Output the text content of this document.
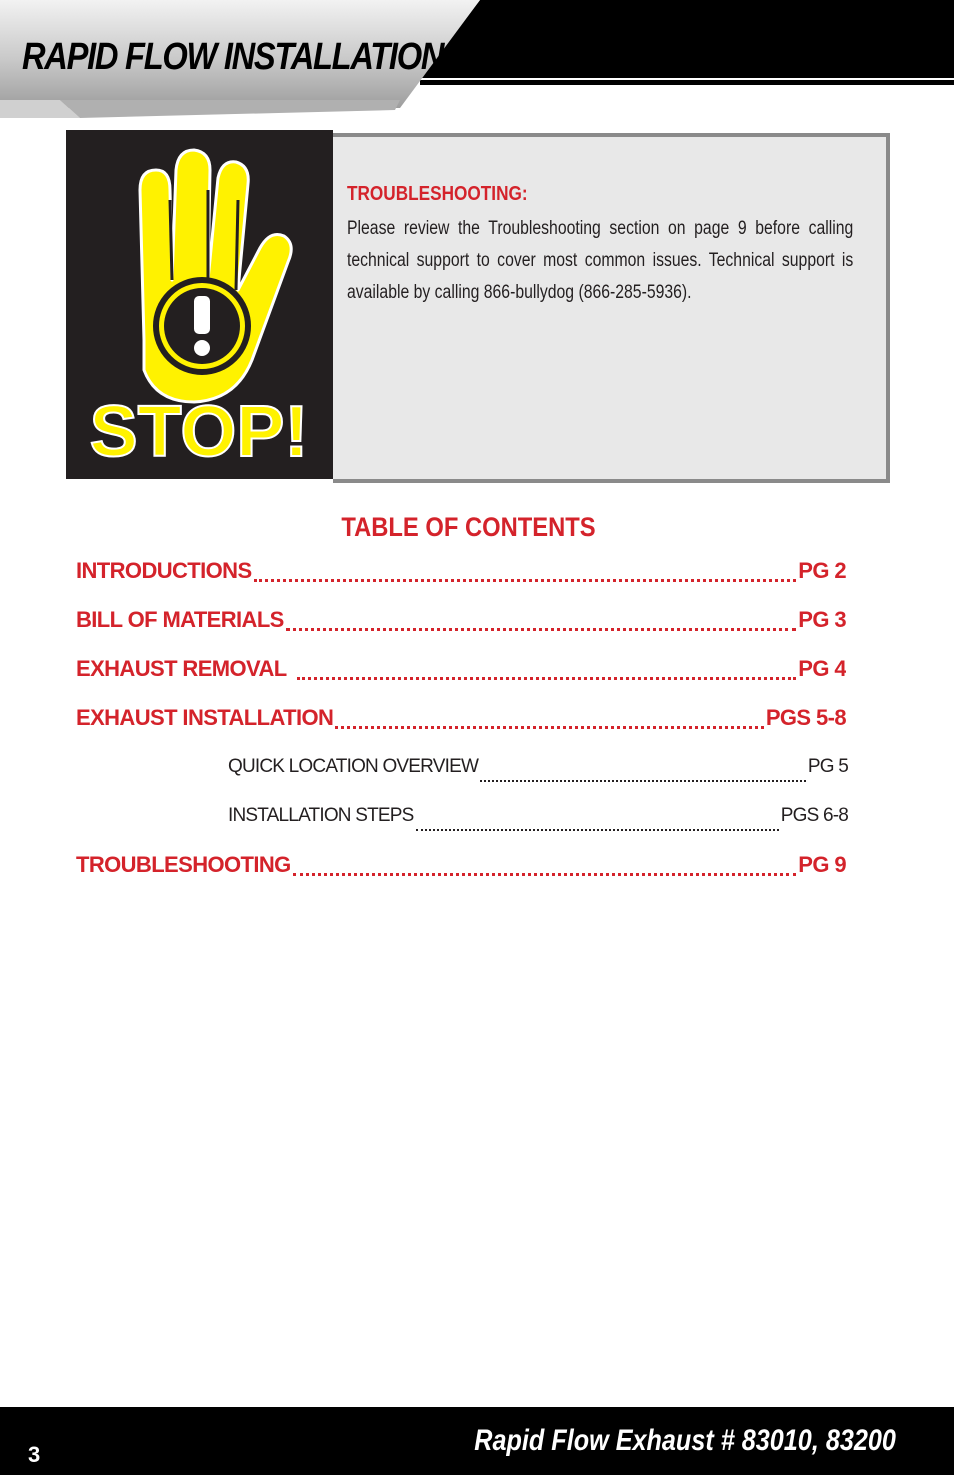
RAPID FLOW INSTALLATION
STOP!
TROUBLESHOOTING:
Please review the Troubleshooting section on page 9 before calling technical support to cover most common issues. Technical support is available by calling 866-bullydog (866-285-5936).
TABLE OF CONTENTS
INTRODUCTIONS	PG 2
BILL OF MATERIALS	PG 3
EXHAUST REMOVAL	PG 4
EXHAUST INSTALLATION	PGS 5-8
QUICK LOCATION OVERVIEW	PG 5
INSTALLATION STEPS	PGS 6-8
TROUBLESHOOTING	PG 9
3	Rapid Flow Exhaust # 83010, 83200
